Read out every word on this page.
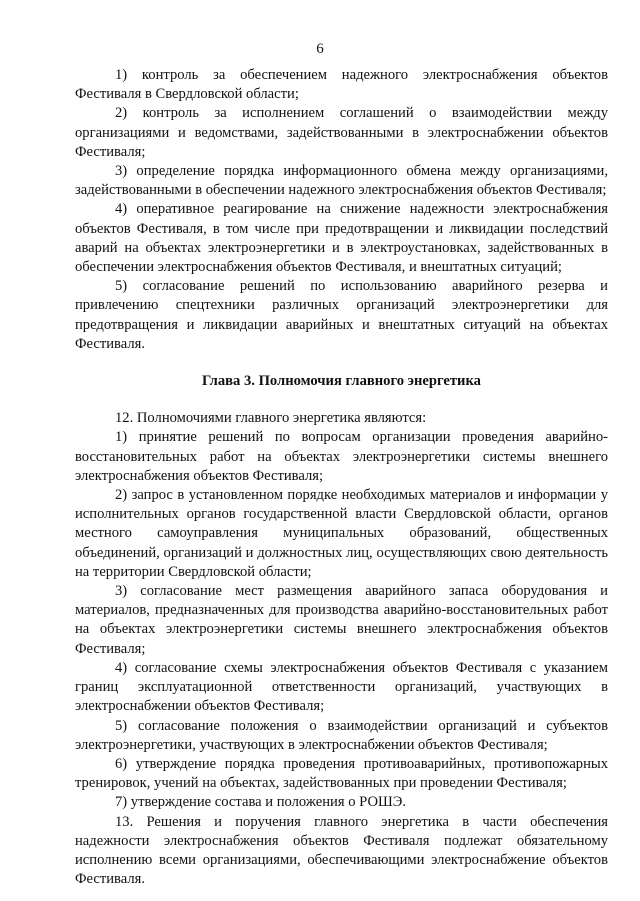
6

1) контроль за обеспечением надежного электроснабжения объектов Фестиваля в Свердловской области;

2) контроль за исполнением соглашений о взаимодействии между организациями и ведомствами, задействованными в электроснабжении объектов Фестиваля;

3) определение порядка информационного обмена между организациями, задействованными в обеспечении надежного электроснабжения объектов Фестиваля;

4) оперативное реагирование на снижение надежности электроснабжения объектов Фестиваля, в том числе при предотвращении и ликвидации последствий аварий на объектах электроэнергетики и в электроустановках, задействованных в обеспечении электроснабжения объектов Фестиваля, и внештатных ситуаций;

5) согласование решений по использованию аварийного резерва и привлечению спецтехники различных организаций электроэнергетики для предотвращения и ликвидации аварийных и внештатных ситуаций на объектах Фестиваля.

Глава 3. Полномочия главного энергетика

12. Полномочиями главного энергетика являются:

1) принятие решений по вопросам организации проведения аварийно-восстановительных работ на объектах электроэнергетики системы внешнего электроснабжения объектов Фестиваля;

2) запрос в установленном порядке необходимых материалов и информации у исполнительных органов государственной власти Свердловской области, органов местного самоуправления муниципальных образований, общественных объединений, организаций и должностных лиц, осуществляющих свою деятельность на территории Свердловской области;

3) согласование мест размещения аварийного запаса оборудования и материалов, предназначенных для производства аварийно-восстановительных работ на объектах электроэнергетики системы внешнего электроснабжения объектов Фестиваля;

4) согласование схемы электроснабжения объектов Фестиваля с указанием границ эксплуатационной ответственности организаций, участвующих в электроснабжении объектов Фестиваля;

5) согласование положения о взаимодействии организаций и субъектов электроэнергетики, участвующих в электроснабжении объектов Фестиваля;

6) утверждение порядка проведения противоаварийных, противопожарных тренировок, учений на объектах, задействованных при проведении Фестиваля;

7) утверждение состава и положения о РОШЭ.

13. Решения и поручения главного энергетика в части обеспечения надежности электроснабжения объектов Фестиваля подлежат обязательному исполнению всеми организациями, обеспечивающими электроснабжение объектов Фестиваля.
